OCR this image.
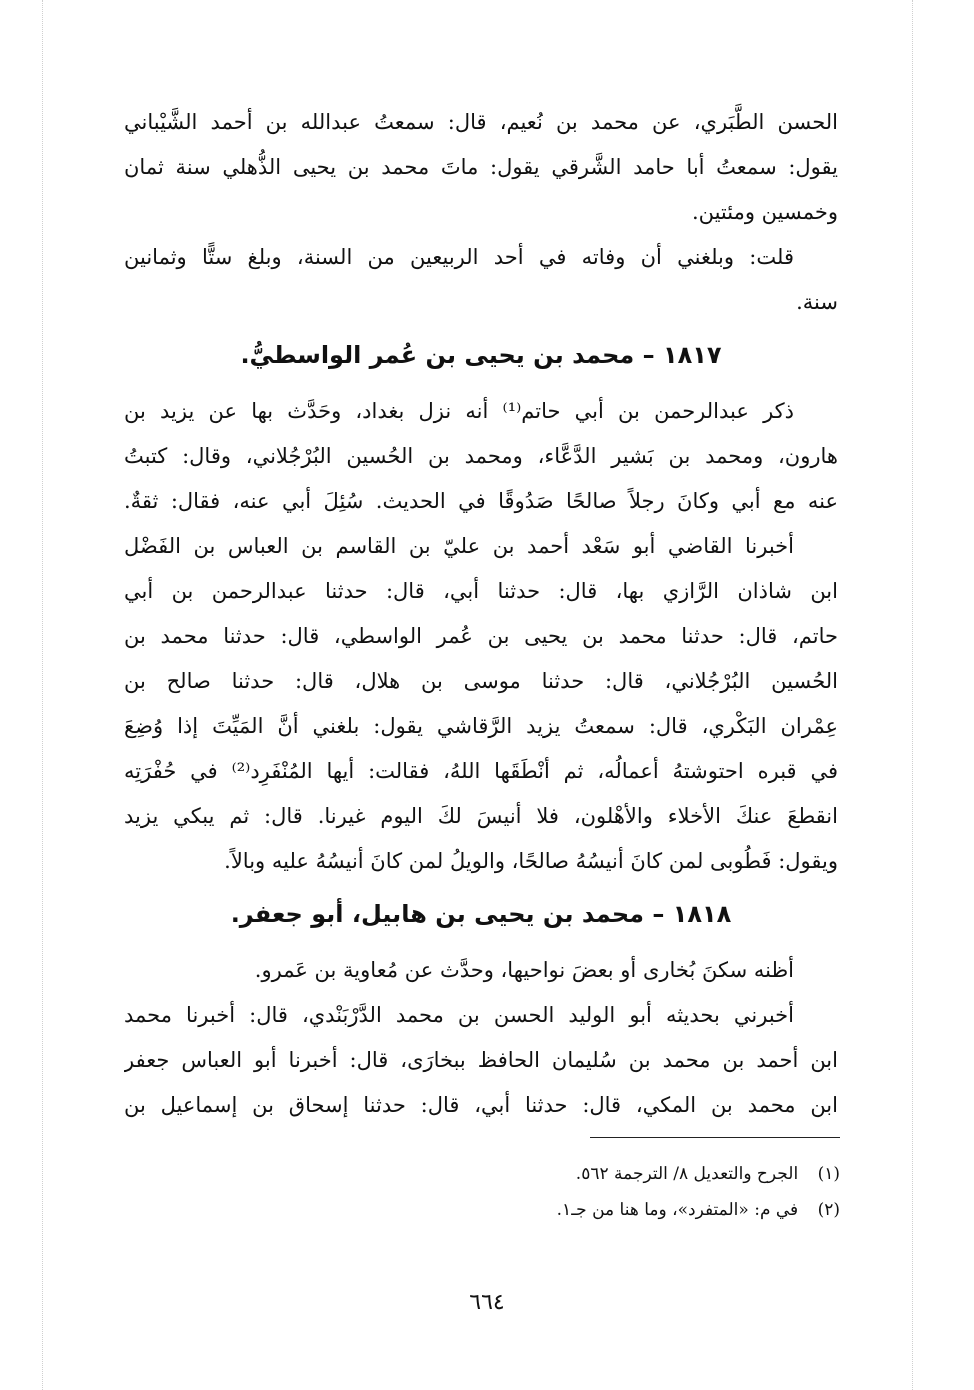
الحسن الطَّبَري، عن محمد بن نُعيم، قال: سمعتُ عبدالله بن أحمد الشَّيْباني
يقول: سمعتُ أبا حامد الشَّرقي يقول: ماتَ محمد بن يحيى الذُّهلي سنة ثمان
وخمسين ومئتين.
قلت: وبلغني أن وفاته في أحد الربيعين من السنة، وبلغ ستًّا وثمانين
سنة.
١٨١٧ – محمد بن يحيى بن عُمر الواسطيُّ.
ذكر عبدالرحمن بن أبي حاتم⁽¹⁾ أنه نزل بغداد، وحَدَّث بها عن يزيد بن
هارون، ومحمد بن بَشير الدَّعَّاء، ومحمد بن الحُسين البُرْجُلاني، وقال: كتبتُ
عنه مع أبي وكانَ رجلاً صالحًا صَدُوقًا في الحديث. سُئِلَ أبي عنه، فقال: ثقةٌ.
أخبرنا القاضي أبو سَعْد أحمد بن عليّ بن القاسم بن العباس بن الفَضْل
ابن شاذان الرَّازي بها، قال: حدثنا أبي، قال: حدثنا عبدالرحمن بن أبي
حاتم، قال: حدثنا محمد بن يحيى بن عُمر الواسطي، قال: حدثنا محمد بن
الحُسين البُرْجُلاني، قال: حدثنا موسى بن هلال، قال: حدثنا صالح بن
عِمْران البَكْري، قال: سمعتُ يزيد الرَّقاشي يقول: بلغني أنَّ المَيِّتَ إذا وُضِعَ
في قبره احتوشتهُ أعمالُه، ثم أنْطَقَها اللهُ، فقالت: أيها المُنْفَرِد⁽²⁾ في حُفْرَتِه
انقطعَ عنكَ الأخلاء والأهْلون، فلا أنيسَ لكَ اليوم غيرنا. قال: ثم يبكي يزيد
ويقول: فَطُوبى لمن كانَ أنيسُهُ صالحًا، والويلُ لمن كانَ أنيسُهُ عليه وبالاً.
١٨١٨ – محمد بن يحيى بن هابيل، أبو جعفر.
أظنه سكنَ بُخارى أو بعضَ نواحيها، وحدَّث عن مُعاوية بن عَمرو.
أخبرني بحديثه أبو الوليد الحسن بن محمد الدَّرْبَنْدي، قال: أخبرنا محمد
ابن أحمد بن محمد بن سُليمان الحافظ ببخارَى، قال: أخبرنا أبو العباس جعفر
ابن محمد بن المكي، قال: حدثنا أبي، قال: حدثنا إسحاق بن إسماعيل بن
(١) الجرح والتعديل ٨/ الترجمة ٥٦٢.
(٢) في م: «المتفرد»، وما هنا من جـ١.
٦٦٤
